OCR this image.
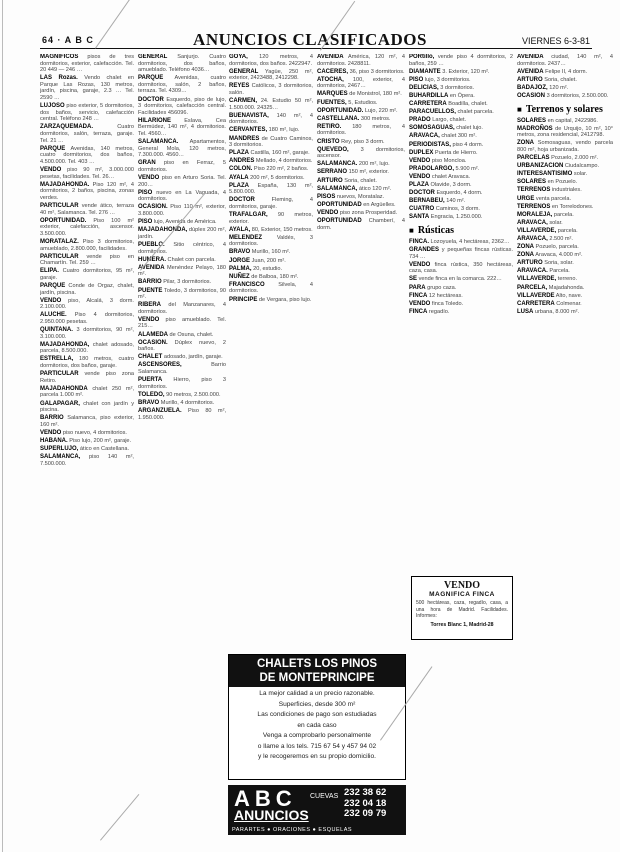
64 · A B C	ANUNCIOS CLASIFICADOS	VIERNES 6-3-81
MAGNIFICOS pisos de tres dormitorios, exterior, calefacción. Tel. 20 449 — 246 …
LAS Rozas. Vendo chalet en Parque Las Rozas, 130 metros, jardín, piscina, garaje, 2.3 … Tel. 2590 …
LUJOSO piso exterior, 5 dormitorios, dos baños, servicio, calefacción central. Teléfono 248 …
ZARZAQUEMADA. Cuatro dormitorios, salón, terraza, garaje. Tel. 21 …
PARQUE Avenidas, 140 metros, cuatro dormitorios, dos baños, 4.500.000. Tel. 403 …
VENDO piso 90 m², 3.000.000 pesetas, facilidades. Tel. 26…
MAJADAHONDA. Piso 120 m², 4 dormitorios, 2 baños, piscina, zonas verdes.
PARTICULAR vende ático, terraza 40 m², Salamanca. Tel. 276 …
OPORTUNIDAD. Piso 100 m² exterior, calefacción, ascensor. 3.500.000.
MORATALAZ. Piso 3 dormitorios, amueblado, 2.800.000, facilidades.
PARTICULAR vende piso en Chamartín. Tel. 259 …
ELIPA. Cuatro dormitorios, 95 m², garaje.
PARQUE Conde de Orgaz, chalet, jardín, piscina.
VENDO piso, Alcalá, 3 dorm. 2.100.000.
ALUCHE. Piso 4 dormitorios, 2.950.000 pesetas.
QUINTANA. 3 dormitorios, 90 m², 3.100.000.
MAJADAHONDA, chalet adosado, parcela, 8.500.000.
ESTRELLA, 180 metros, cuatro dormitorios, dos baños, garaje.
PARTICULAR vende piso zona Retiro.
MAJADAHONDA chalet 250 m², parcela 1.000 m².
GALAPAGAR, chalet con jardín y piscina.
BARRIO Salamanca, piso exterior, 160 m².
VENDO piso nuevo, 4 dormitorios.
HABANA. Piso lujo, 200 m², garaje.
SUPERLUJO, ático en Castellana.
SALAMANCA, piso 140 m², 7.500.000.
GENERAL Sanjurjo. Cuatro dormitorios, dos baños, amueblado. Teléfono 4036…
PARQUE Avenidas, cuatro dormitorios, salón, 2 baños, terraza. Tel. 4309…
DOCTOR Esquerdo, piso de lujo, 3 dormitorios, calefacción central. Facilidades 456096.
HILARIONE Eslava, Cea Bermúdez, 140 m², 4 dormitorios. Tel. 4560…
SALAMANCA. Apartamentos, General Mola, 120 metros, 7.300.000. 4560…
GRAN piso en Ferraz, 5 dormitorios.
VENDO piso en Arturo Soria. Tel. 200…
PISO nuevo en La Vaguada, 4 dormitorios.
OCASION. Piso 110 m², exterior, 3.800.000.
PISO lujo, Avenida de América.
MAJADAHONDA, dúplex 200 m², jardín.
PUEBLO. Sitio céntrico, 4 dormitorios.
HUMERA. Chalet con parcela.
AVENIDA Menéndez Pelayo, 180 m².
BARRIO Pilar, 3 dormitorios.
PUENTE Toledo, 3 dormitorios, 90 m².
RIBERA del Manzanares, 4 dormitorios.
VENDO piso amueblado. Tel. 215…
ALAMEDA de Osuna, chalet.
OCASION. Dúplex nuevo, 2 baños.
CHALET adosado, jardín, garaje.
ASCENSORES, Barrio Salamanca.
PUERTA Hierro, piso 3 dormitorios.
TOLEDO, 90 metros, 2.500.000.
BRAVO Murillo, 4 dormitorios.
ARGANZUELA. Piso 80 m², 1.950.000.
GOYA, 120 metros, 4 dormitorios, dos baños. 2422947.
GENERAL Yagüe, 250 m², exterior, 2423488, 2412298.
REYES Católicos, 3 dormitorios, salón.
CARMEN, 24. Estudio 50 m², 1.500.000. 24325…
BUENAVISTA, 140 m², 4 dormitorios.
CERVANTES, 180 m², lujo.
MANDRES de Cuatro Caminos, 3 dormitorios.
PLAZA Castilla, 160 m², garaje.
ANDRES Mellado, 4 dormitorios.
COLON. Piso 220 m², 2 baños.
AYALA 200 m², 5 dormitorios.
PLAZA España, 130 m², 5.800.000.
DOCTOR Fleming, 4 dormitorios, garaje.
TRAFALGAR, 90 metros, exterior.
AYALA, 80, Exterior, 150 metros.
MELENDEZ Valdés, 3 dormitorios.
BRAVO Murillo, 160 m².
JORGE Juan, 200 m².
PALMA, 20, estudio.
NUÑEZ de Balboa, 180 m².
FRANCISCO Silvela, 4 dormitorios.
PRINCIPE de Vergara, piso lujo.
AVENIDA América, 120 m², 4 dormitorios. 2428811.
CACERES, 36, piso 3 dormitorios.
ATOCHA, 100, exterior, 4 dormitorios, 2467…
MARQUES de Monistrol, 180 m².
FUENTES, 5, Estudios.
OPORTUNIDAD. Lujo, 220 m².
CASTELLANA. 300 metros.
RETIRO. 180 metros, 4 dormitorios.
CRISTO Rey, piso 3 dorm.
QUEVEDO, 3 dormitorios, ascensor.
SALAMANCA. 200 m², lujo.
SERRANO 150 m², exterior.
ARTURO Soria, chalet.
SALAMANCA, ático 120 m².
PISOS nuevos, Moratalaz.
OPORTUNIDAD en Argüelles.
VENDO piso zona Prosperidad.
OPORTUNIDAD Chamberí, 4 dorm.
PORtillo, vende piso 4 dormitorios, 2 baños, 259 …
DIAMANTE 3. Exterior, 120 m².
PISO lujo, 3 dormitorios.
DELICIAS, 3 dormitorios.
BUHARDILLA en Ópera.
CARRETERA Boadilla, chalet.
PARACUELLOS, chalet parcela.
PRADO Largo, chalet.
SOMOSAGUAS, chalet lujo.
ARAVACA, chalet 300 m².
PERIODISTAS, piso 4 dorm.
DUPLEX Puerta de Hierro.
VENDO piso Moncloa.
PRADOLARGO, 5.900 m².
VENDO chalet Aravaca.
PLAZA Olavide, 3 dorm.
DOCTOR Esquerdo, 4 dorm.
BERNABEU, 140 m².
CUATRO Caminos, 3 dorm.
SANTA Engracia, 1.250.000.
■ Rústicas
FINCA. Lozoyuela, 4 hectáreas, 2362…
GRANDES y pequeñas fincas rústicas. 734 …
VENDO finca rústica, 350 hectáreas, caza, casa.
SE vende finca en la comarca. 222…
PARA grupo caza.
FINCA 12 hectáreas.
VENDO finca Toledo.
FINCA regadío.
AVENIDA ciudad, 140 m², 4 dormitorios. 2437…
AVENIDA Felipe II, 4 dorm.
ARTURO Soria, chalet.
BADAJOZ, 120 m².
OCASION 3 dormitorios, 2.500.000.
■ Terrenos y solares
SOLARES en capital, 2422986.
MADROÑOS de Urquijo, 10 m², 10° metros, zona residencial, 2412798.
ZONA Somosaguas, vendo parcela 800 m², hoja urbanizada.
PARCELAS Pozuelo, 2.000 m².
URBANIZACION Ciudalcampo.
INTERESANTISIMO solar.
SOLARES en Pozuelo.
TERRENOS industriales.
URGE venta parcela.
TERRENOS en Torrelodones.
MORALEJA, parcela.
ARAVACA, solar.
VILLAVERDE, parcela.
ARAVACA, 2.500 m².
ZONA Pozuelo, parcela.
ZONA Aravaca, 4.000 m².
ARTURO Soria, solar.
ARAVACA. Parcela.
VILLAVERDE, terreno.
PARCELA, Majadahonda.
VILLAVERDE Alto, nave.
CARRETERA Colmenar.
LUSA urbana, 8.000 m².
CHALETS LOS PINOS
DE MONTEPRINCIPE
La mejor calidad a un precio razonable.
Superficies, desde 300 m²
Las condiciones de pago son estudiadas
en cada caso
Venga a comprobarlo personalmente
o llame a los tels. 715 67 54 y 457 94 02
y le recogeremos en su propio domicilio.
ABC CUEVAS
ANUNCIOS
232 38 62
232 04 18
232 09 79
PARARTES ● ORACIONES ● ESQUELAS
VENDO
MAGNIFICA FINCA
500 hectáreas, caza, regadío, casa, a una hora de Madrid. Facilidades. Informes:
Torres Blanc 1, Madrid-28
